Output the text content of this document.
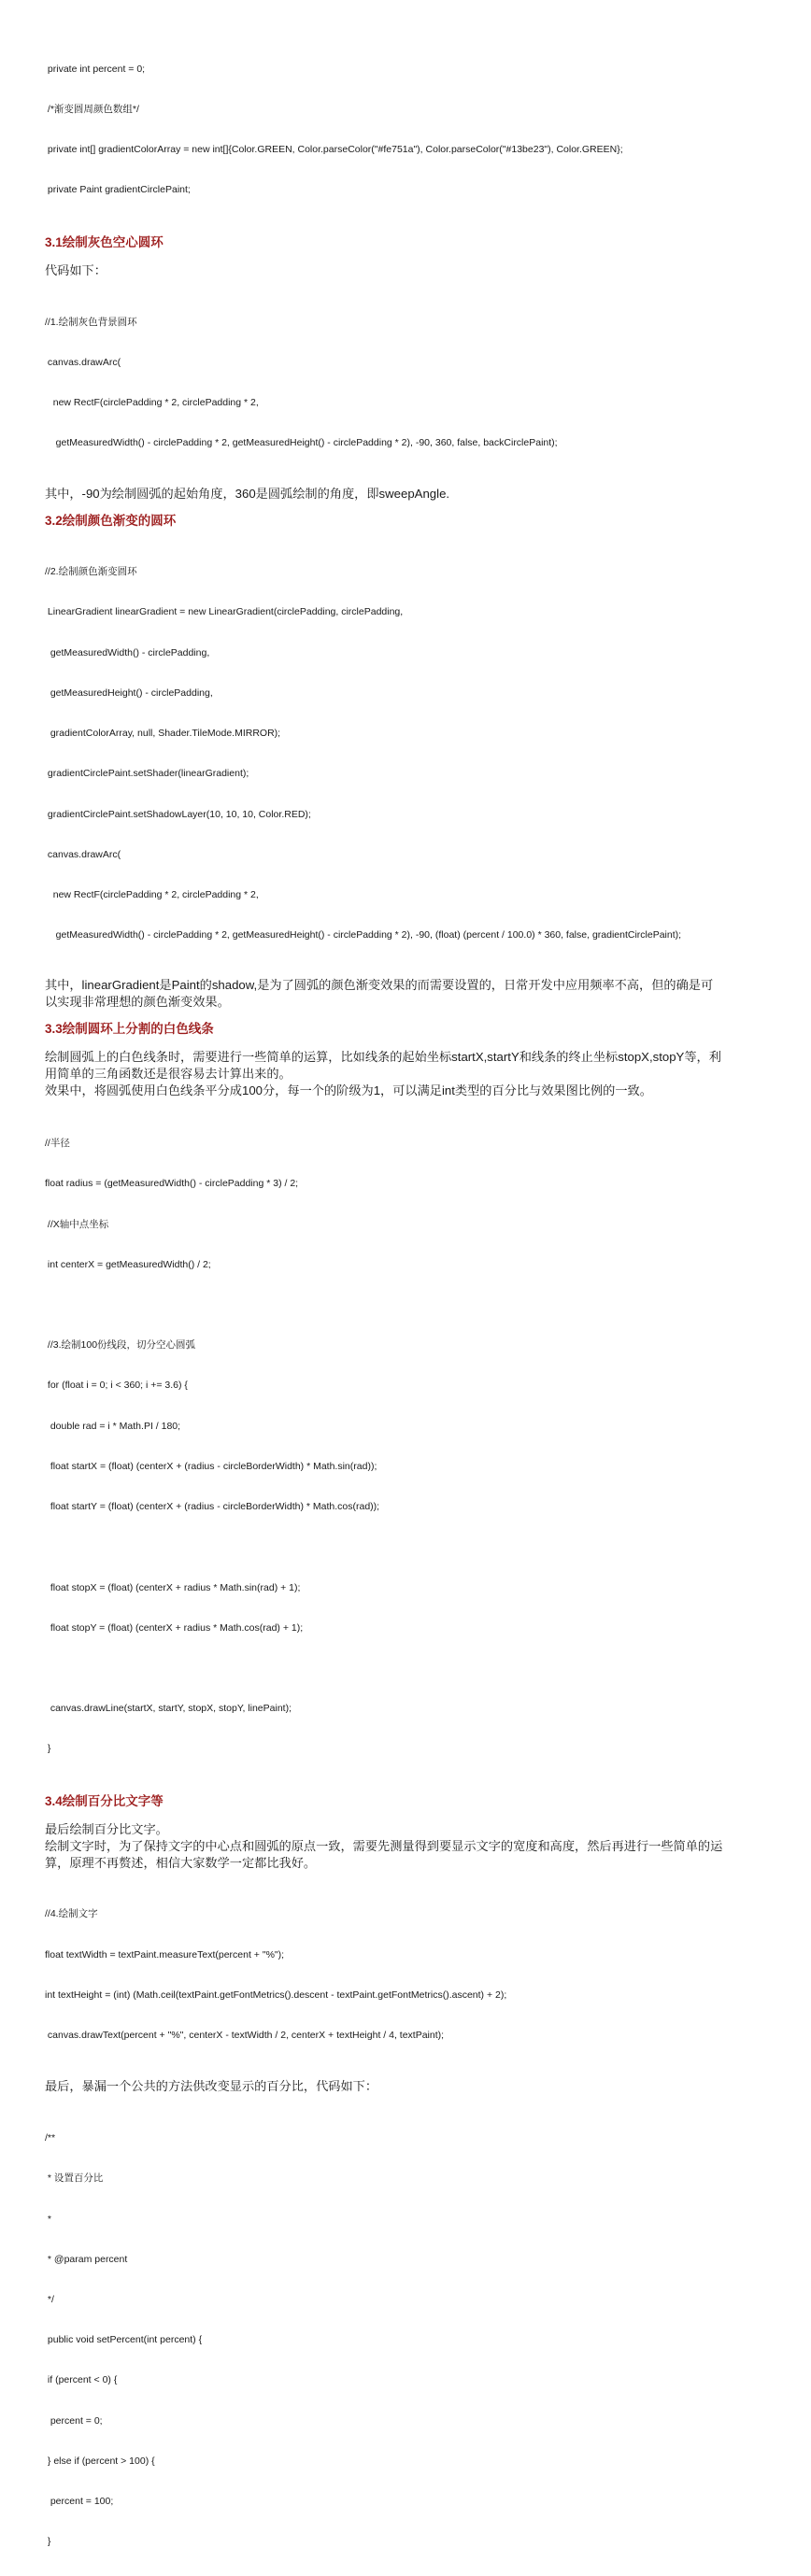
private int percent = 0;

/*渐变圆周颜色数组*/

private int[] gradientColorArray = new int[]{Color.GREEN, Color.parseColor("#fe751a"), Color.parseColor("#13be23"), Color.GREEN};

private Paint gradientCirclePaint;

3.1绘制灰色空心圆环

代码如下：

//1.绘制灰色背景圆环

canvas.drawArc(

new RectF(circlePadding * 2, circlePadding * 2,

getMeasuredWidth() - circlePadding * 2, getMeasuredHeight() - circlePadding * 2), -90, 360, false, backCirclePaint);

其中，-90为绘制圆弧的起始角度，360是圆弧绘制的角度，即sweepAngle.

3.2绘制颜色渐变的圆环

//2.绘制颜色渐变圆环

LinearGradient linearGradient = new LinearGradient(circlePadding, circlePadding,

getMeasuredWidth() - circlePadding,

getMeasuredHeight() - circlePadding,

gradientColorArray, null, Shader.TileMode.MIRROR);

gradientCirclePaint.setShader(linearGradient);

gradientCirclePaint.setShadowLayer(10, 10, 10, Color.RED);

canvas.drawArc(

new RectF(circlePadding * 2, circlePadding * 2,

getMeasuredWidth() - circlePadding * 2, getMeasuredHeight() - circlePadding * 2), -90, (float) (percent / 100.0) * 360, false, gradientCirclePaint);

其中，linearGradient是Paint的shadow,是为了圆弧的颜色渐变效果的而需要设置的，日常开发中应用频率不高，但的确是可
以实现非常理想的颜色渐变效果。

3.3绘制圆环上分割的白色线条

绘制圆弧上的白色线条时，需要进行一些简单的运算，比如线条的起始坐标startX,startY和线条的终止坐标stopX,stopY等，利
用简单的三角函数还是很容易去计算出来的。
效果中，将圆弧使用白色线条平分成100分，每一个的阶级为1，可以满足int类型的百分比与效果图比例的一致。

//半径

float radius = (getMeasuredWidth() - circlePadding * 3) / 2;

//X轴中点坐标

int centerX = getMeasuredWidth() / 2;

//3.绘制100份线段，切分空心圆弧

for (float i = 0; i < 360; i += 3.6) {

double rad = i * Math.PI / 180;

float startX = (float) (centerX + (radius - circleBorderWidth) * Math.sin(rad));

float startY = (float) (centerX + (radius - circleBorderWidth) * Math.cos(rad));

float stopX = (float) (centerX + radius * Math.sin(rad) + 1);

float stopY = (float) (centerX + radius * Math.cos(rad) + 1);

canvas.drawLine(startX, startY, stopX, stopY, linePaint);

}

3.4绘制百分比文字等

最后绘制百分比文字。
绘制文字时，为了保持文字的中心点和圆弧的原点一致，需要先测量得到要显示文字的宽度和高度，然后再进行一些简单的运
算，原理不再赘述，相信大家数学一定都比我好。

//4.绘制文字

float textWidth = textPaint.measureText(percent + "%");

int textHeight = (int) (Math.ceil(textPaint.getFontMetrics().descent - textPaint.getFontMetrics().ascent) + 2);

canvas.drawText(percent + "%", centerX - textWidth / 2, centerX + textHeight / 4, textPaint);

最后，暴漏一个公共的方法供改变显示的百分比，代码如下：

/**

* 设置百分比

*

* @param percent

*/

public void setPercent(int percent) {

if (percent < 0) {

percent = 0;

} else if (percent > 100) {

percent = 100;

}
